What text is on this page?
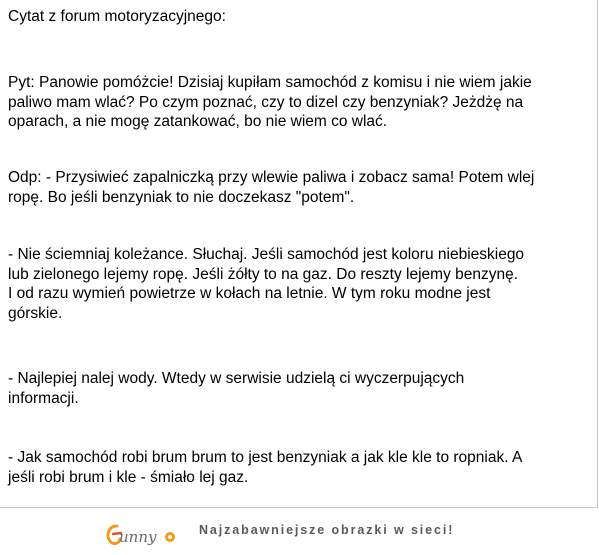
Cytat z forum motoryzacyjnego:
Pyt: Panowie pomóżcie! Dzisiaj kupiłam samochód z komisu i nie wiem jakie
paliwo mam wlać? Po czym poznać, czy to dizel czy benzyniak? Jeżdżę na
oparach, a nie mogę zatankować, bo nie wiem co wlać.
Odp: - Przysiwieć zapalniczką przy wlewie paliwa i zobacz sama! Potem wlej
ropę. Bo jeśli benzyniak to nie doczekasz "potem".
- Nie ściemniaj koleżance. Słuchaj. Jeśli samochód jest koloru niebieskiego
lub zielonego lejemy ropę. Jeśli żółty to na gaz. Do reszty lejemy benzynę.
I od razu wymień powietrze w kołach na letnie. W tym roku modne jest
górskie.
- Najlepiej nalej wody. Wtedy w serwisie udzielą ci wyczerpujących
informacji.
- Jak samochód robi brum brum to jest benzyniak a jak kle kle to ropniak. A
jeśli robi brum i kle - śmiało lej gaz.
unny	Najzabawniejsze obrazki w sieci!
